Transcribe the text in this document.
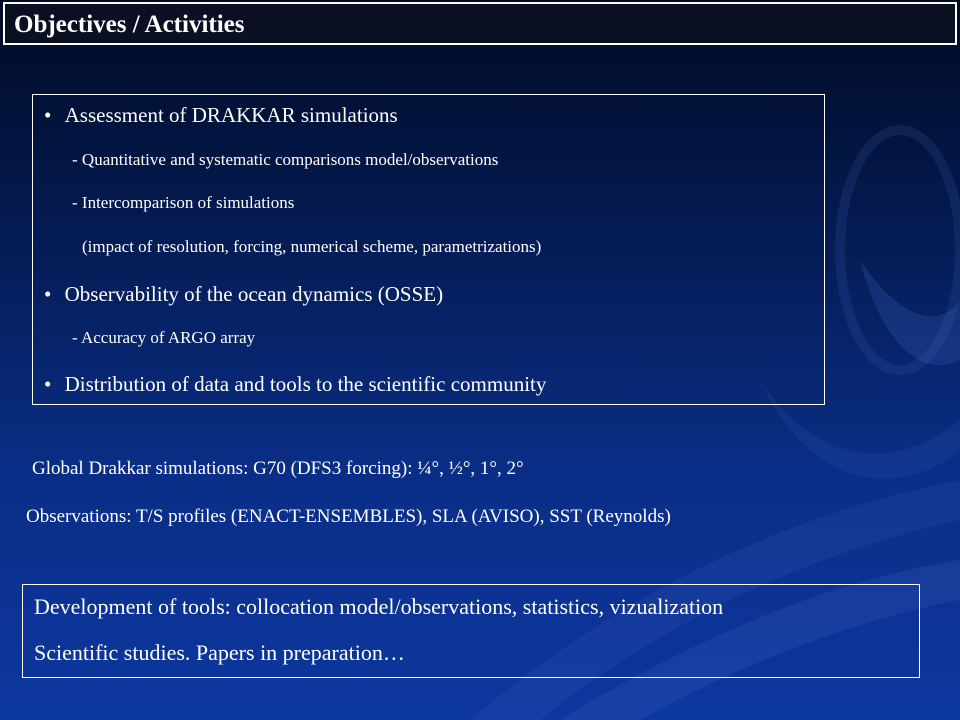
Objectives / Activities
• Assessment of DRAKKAR simulations
- Quantitative and systematic comparisons model/observations
- Intercomparison of simulations
(impact of resolution, forcing, numerical scheme, parametrizations)
• Observability of the ocean dynamics (OSSE)
- Accuracy of ARGO array
• Distribution of data and tools to the scientific community
Global Drakkar simulations: G70 (DFS3 forcing): ¼°, ½°, 1°, 2°
Observations: T/S profiles (ENACT-ENSEMBLES), SLA (AVISO), SST (Reynolds)
Development of tools: collocation model/observations, statistics, vizualization
Scientific studies. Papers in preparation…
